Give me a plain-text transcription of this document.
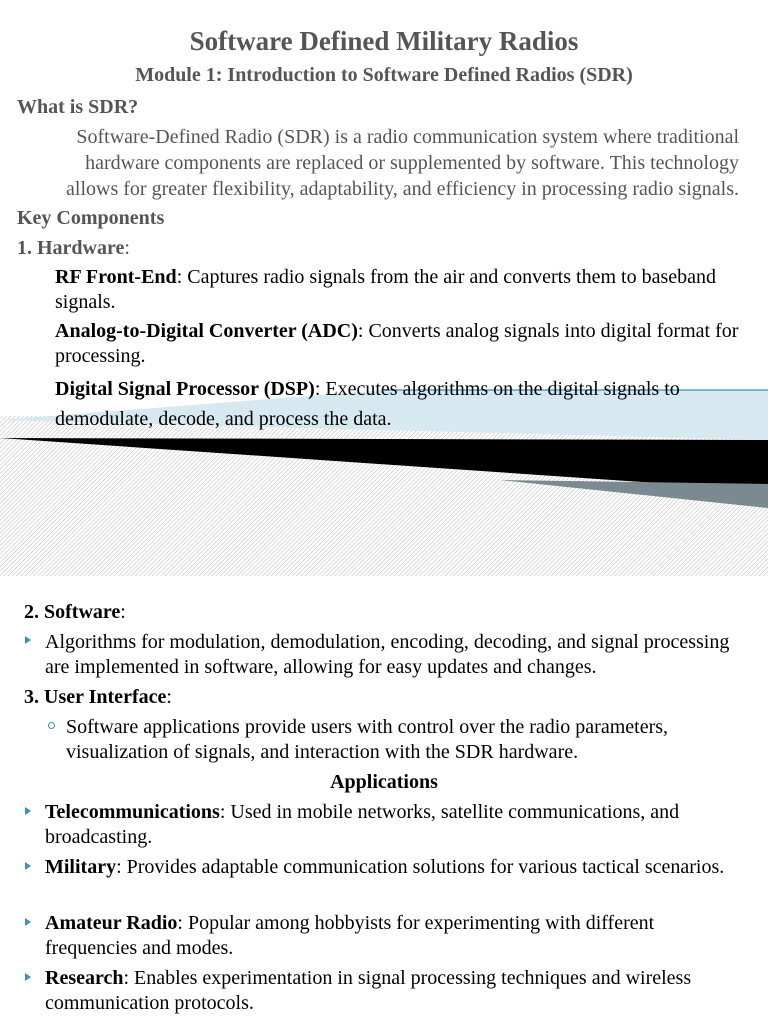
Software Defined Military Radios
Module 1: Introduction to Software Defined Radios (SDR)
What is SDR?
Software-Defined Radio (SDR) is a radio communication system where traditional
hardware components are replaced or supplemented by software. This technology
allows for greater flexibility, adaptability, and efficiency in processing radio signals.
Key Components
1. Hardware:
RF Front-End: Captures radio signals from the air and converts them to baseband signals.
Analog-to-Digital Converter (ADC): Converts analog signals into digital format for processing.
Digital Signal Processor (DSP): Executes algorithms on the digital signals to demodulate, decode, and process the data.
2. Software:
Algorithms for modulation, demodulation, encoding, decoding, and signal processing are implemented in software, allowing for easy updates and changes.
3. User Interface:
Software applications provide users with control over the radio parameters, visualization of signals, and interaction with the SDR hardware.
Applications
Telecommunications: Used in mobile networks, satellite communications, and broadcasting.
Military: Provides adaptable communication solutions for various tactical scenarios.
Amateur Radio: Popular among hobbyists for experimenting with different frequencies and modes.
Research: Enables experimentation in signal processing techniques and wireless communication protocols.
